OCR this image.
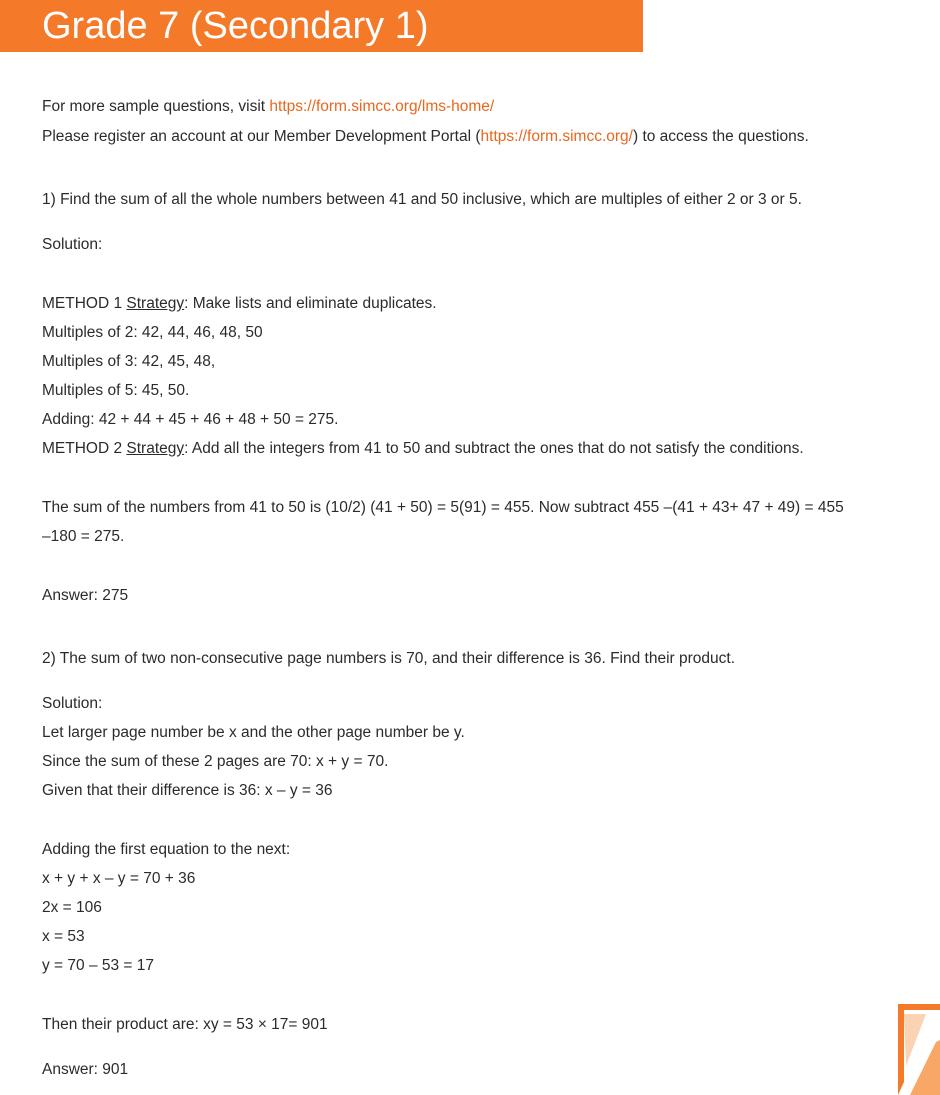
Grade 7 (Secondary 1)

For more sample questions, visit https://form.simcc.org/lms-home/

Please register an account at our Member Development Portal (https://form.simcc.org/) to access the questions.

1) Find the sum of all the whole numbers between 41 and 50 inclusive, which are multiples of either 2 or 3 or 5.

Solution:

METHOD 1 Strategy: Make lists and eliminate duplicates.

Multiples of 2: 42, 44, 46, 48, 50

Multiples of 3: 42, 45, 48,

Multiples of 5: 45, 50.

Adding: 42 + 44 + 45 + 46 + 48 + 50 = 275.

METHOD 2 Strategy: Add all the integers from 41 to 50 and subtract the ones that do not satisfy the conditions.

The sum of the numbers from 41 to 50 is (10/2) (41 + 50) = 5(91) = 455. Now subtract 455 –(41 + 43+ 47 + 49) = 455

–180 = 275.

Answer: 275

2) The sum of two non-consecutive page numbers is 70, and their difference is 36. Find their product.

Solution:

Let larger page number be x and the other page number be y.

Since the sum of these 2 pages are 70: x + y = 70.

Given that their difference is 36: x – y = 36

Adding the first equation to the next:

x + y + x – y = 70 + 36

2x = 106

x = 53

y = 70 – 53 = 17

Then their product are: xy = 53 × 17= 901

Answer: 901
